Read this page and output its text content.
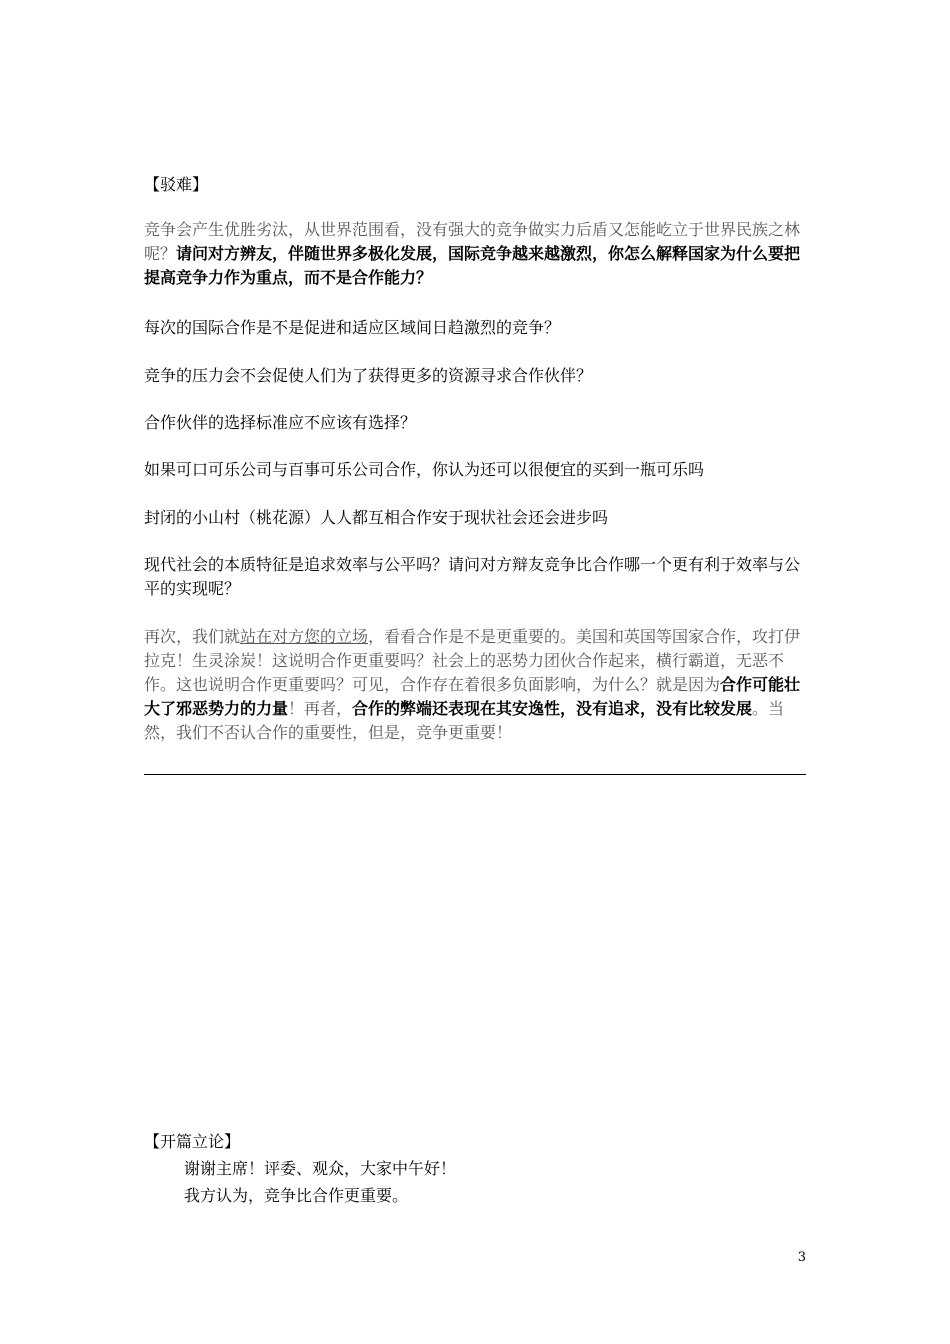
【驳难】

竞争会产生优胜劣汰，从世界范围看，没有强大的竞争做实力后盾又怎能屹立于世界民族之林呢？请问对方辨友，伴随世界多极化发展，国际竞争越来越激烈，你怎么解释国家为什么要把提高竞争力作为重点，而不是合作能力？

每次的国际合作是不是促进和适应区域间日趋激烈的竞争？

竞争的压力会不会促使人们为了获得更多的资源寻求合作伙伴？

合作伙伴的选择标准应不应该有选择？

如果可口可乐公司与百事可乐公司合作，你认为还可以很便宜的买到一瓶可乐吗

封闭的小山村（桃花源）人人都互相合作安于现状社会还会进步吗

现代社会的本质特征是追求效率与公平吗？请问对方辩友竞争比合作哪一个更有利于效率与公平的实现呢？

再次，我们就站在对方您的立场，看看合作是不是更重要的。美国和英国等国家合作，攻打伊拉克！生灵涂炭！这说明合作更重要吗？社会上的恶势力团伙合作起来，横行霸道，无恶不作。这也说明合作更重要吗？可见，合作存在着很多负面影响，为什么？就是因为合作可能壮大了邪恶势力的力量！再者，合作的弊端还表现在其安逸性，没有追求，没有比较发展。当然，我们不否认合作的重要性，但是，竞争更重要！

【开篇立论】

谢谢主席！评委、观众，大家中午好！

我方认为，竞争比合作更重要。

3
